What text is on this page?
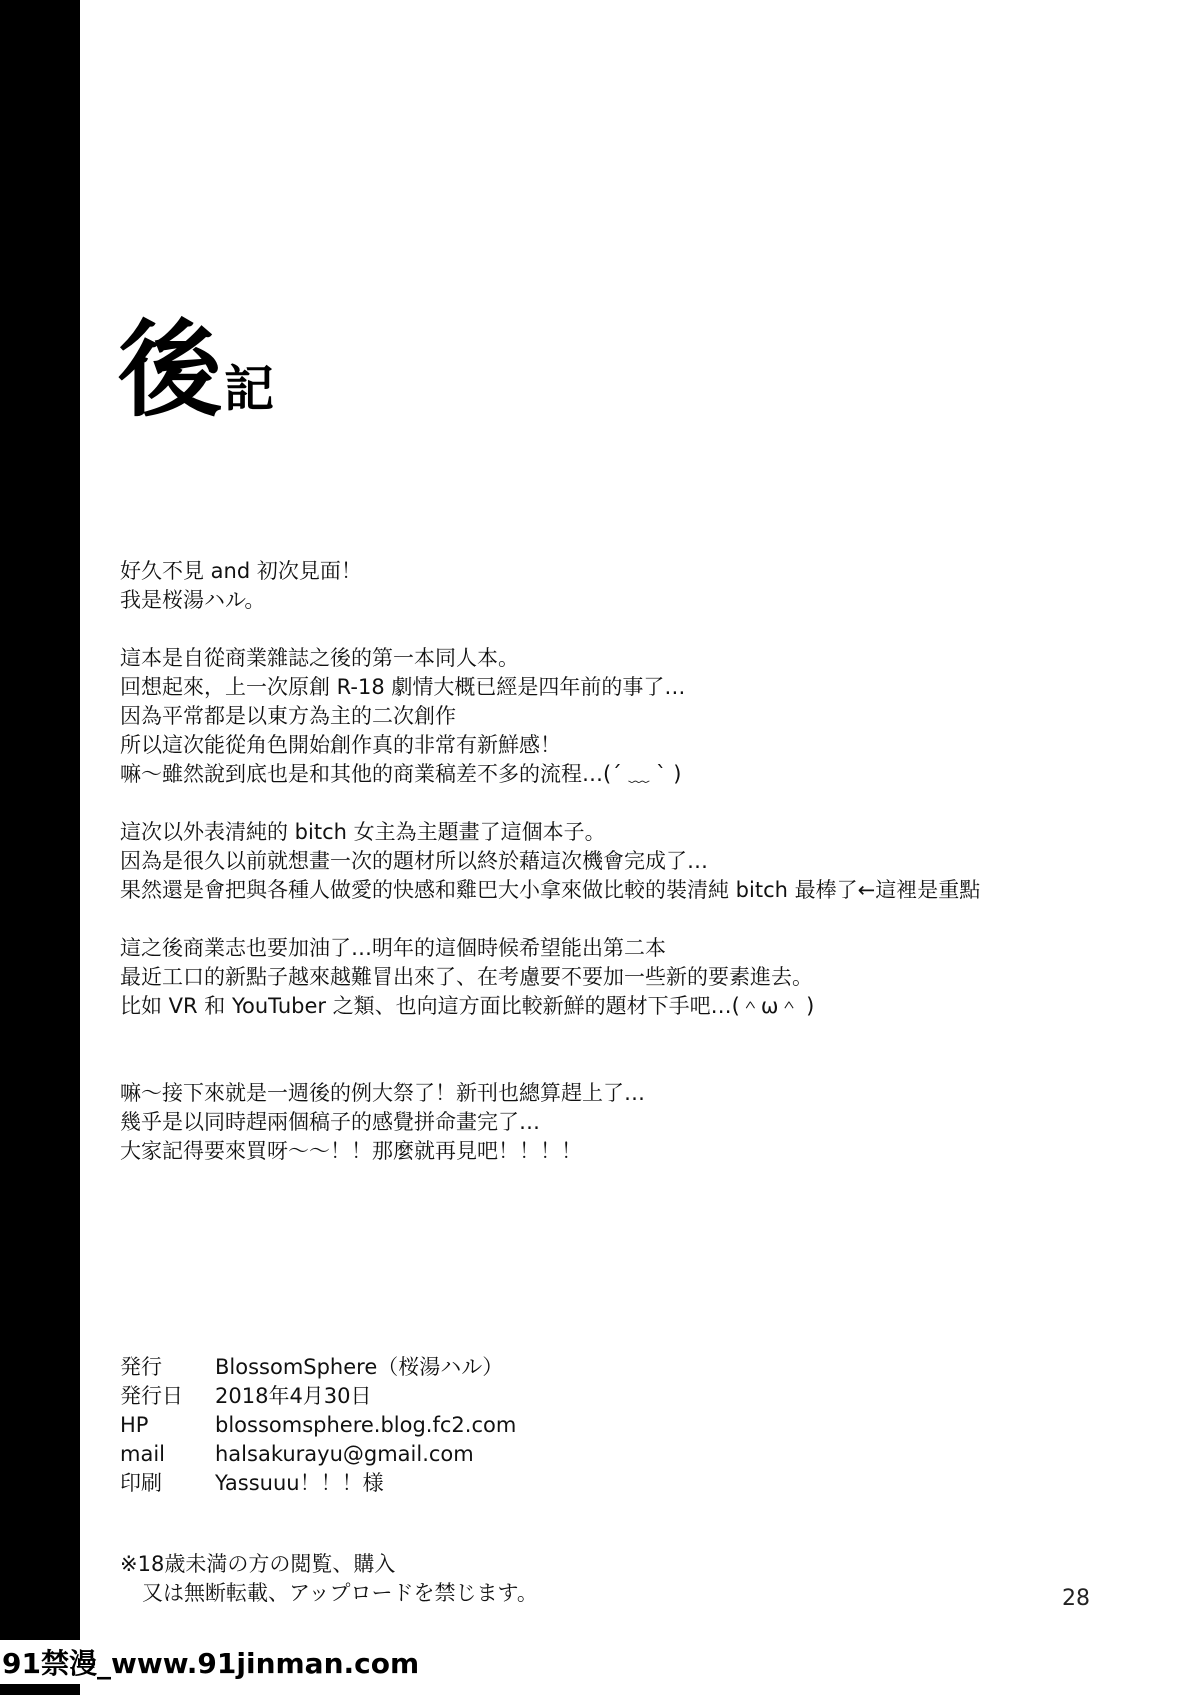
後記
好久不見 and 初次見面！
我是桜湯ハル。
這本是自從商業雜誌之後的第一本同人本。
回想起來，上一次原創 R-18 劇情大概已經是四年前的事了…
因為平常都是以東方為主的二次創作
所以這次能從角色開始創作真的非常有新鮮感！
嘛～雖然說到底也是和其他的商業稿差不多的流程…(´ ﹏ ` )
這次以外表清純的 bitch 女主為主題畫了這個本子。
因為是很久以前就想畫一次的題材所以終於藉這次機會完成了…
果然還是會把與各種人做愛的快感和雞巴大小拿來做比較的裝清純 bitch 最棒了←這裡是重點
這之後商業志也要加油了…明年的這個時候希望能出第二本
最近工口的新點子越來越難冒出來了、在考慮要不要加一些新的要素進去。
比如 VR 和 YouTuber 之類、也向這方面比較新鮮的題材下手吧…(＾ω＾ )
嘛～接下來就是一週後的例大祭了！新刊也總算趕上了…
幾乎是以同時趕兩個稿子的感覺拼命畫完了…
大家記得要來買呀～～！！那麼就再見吧！！！！
発行	BlossomSphere（桜湯ハル）
発行日 2018年4月30日
HP	blossomsphere.blog.fc2.com
mail halsakurayu@gmail.com
印刷	Yassuuu！！！様
※18歳未満の方の閲覧、購入
又は無断転載、アップロードを禁じます。	28
91禁漫_www.91jinman.com
